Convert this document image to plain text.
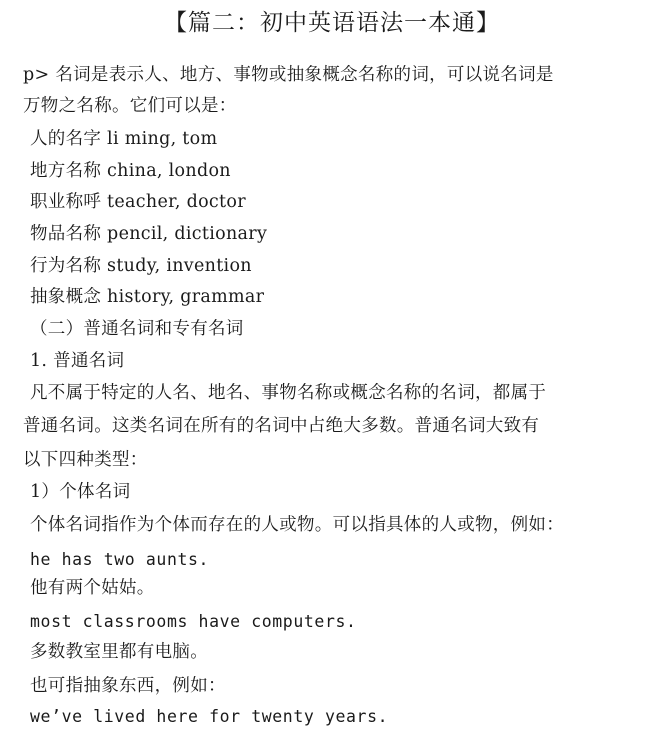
【篇二：初中英语语法一本通】
p> 名词是表示人、地方、事物或抽象概念名称的词，可以说名词是
万物之名称。它们可以是：
人的名字 li ming, tom
地方名称 china, london
职业称呼 teacher, doctor
物品名称 pencil, dictionary
行为名称 study, invention
抽象概念 history, grammar
（二）普通名词和专有名词
1. 普通名词
凡不属于特定的人名、地名、事物名称或概念名称的名词，都属于
普通名词。这类名词在所有的名词中占绝大多数。普通名词大致有
以下四种类型：
1）个体名词
个体名词指作为个体而存在的人或物。可以指具体的人或物，例如：
he has two aunts.
他有两个姑姑。
most classrooms have computers.
多数教室里都有电脑。
也可指抽象东西，例如：
we’ve lived here for twenty years.
